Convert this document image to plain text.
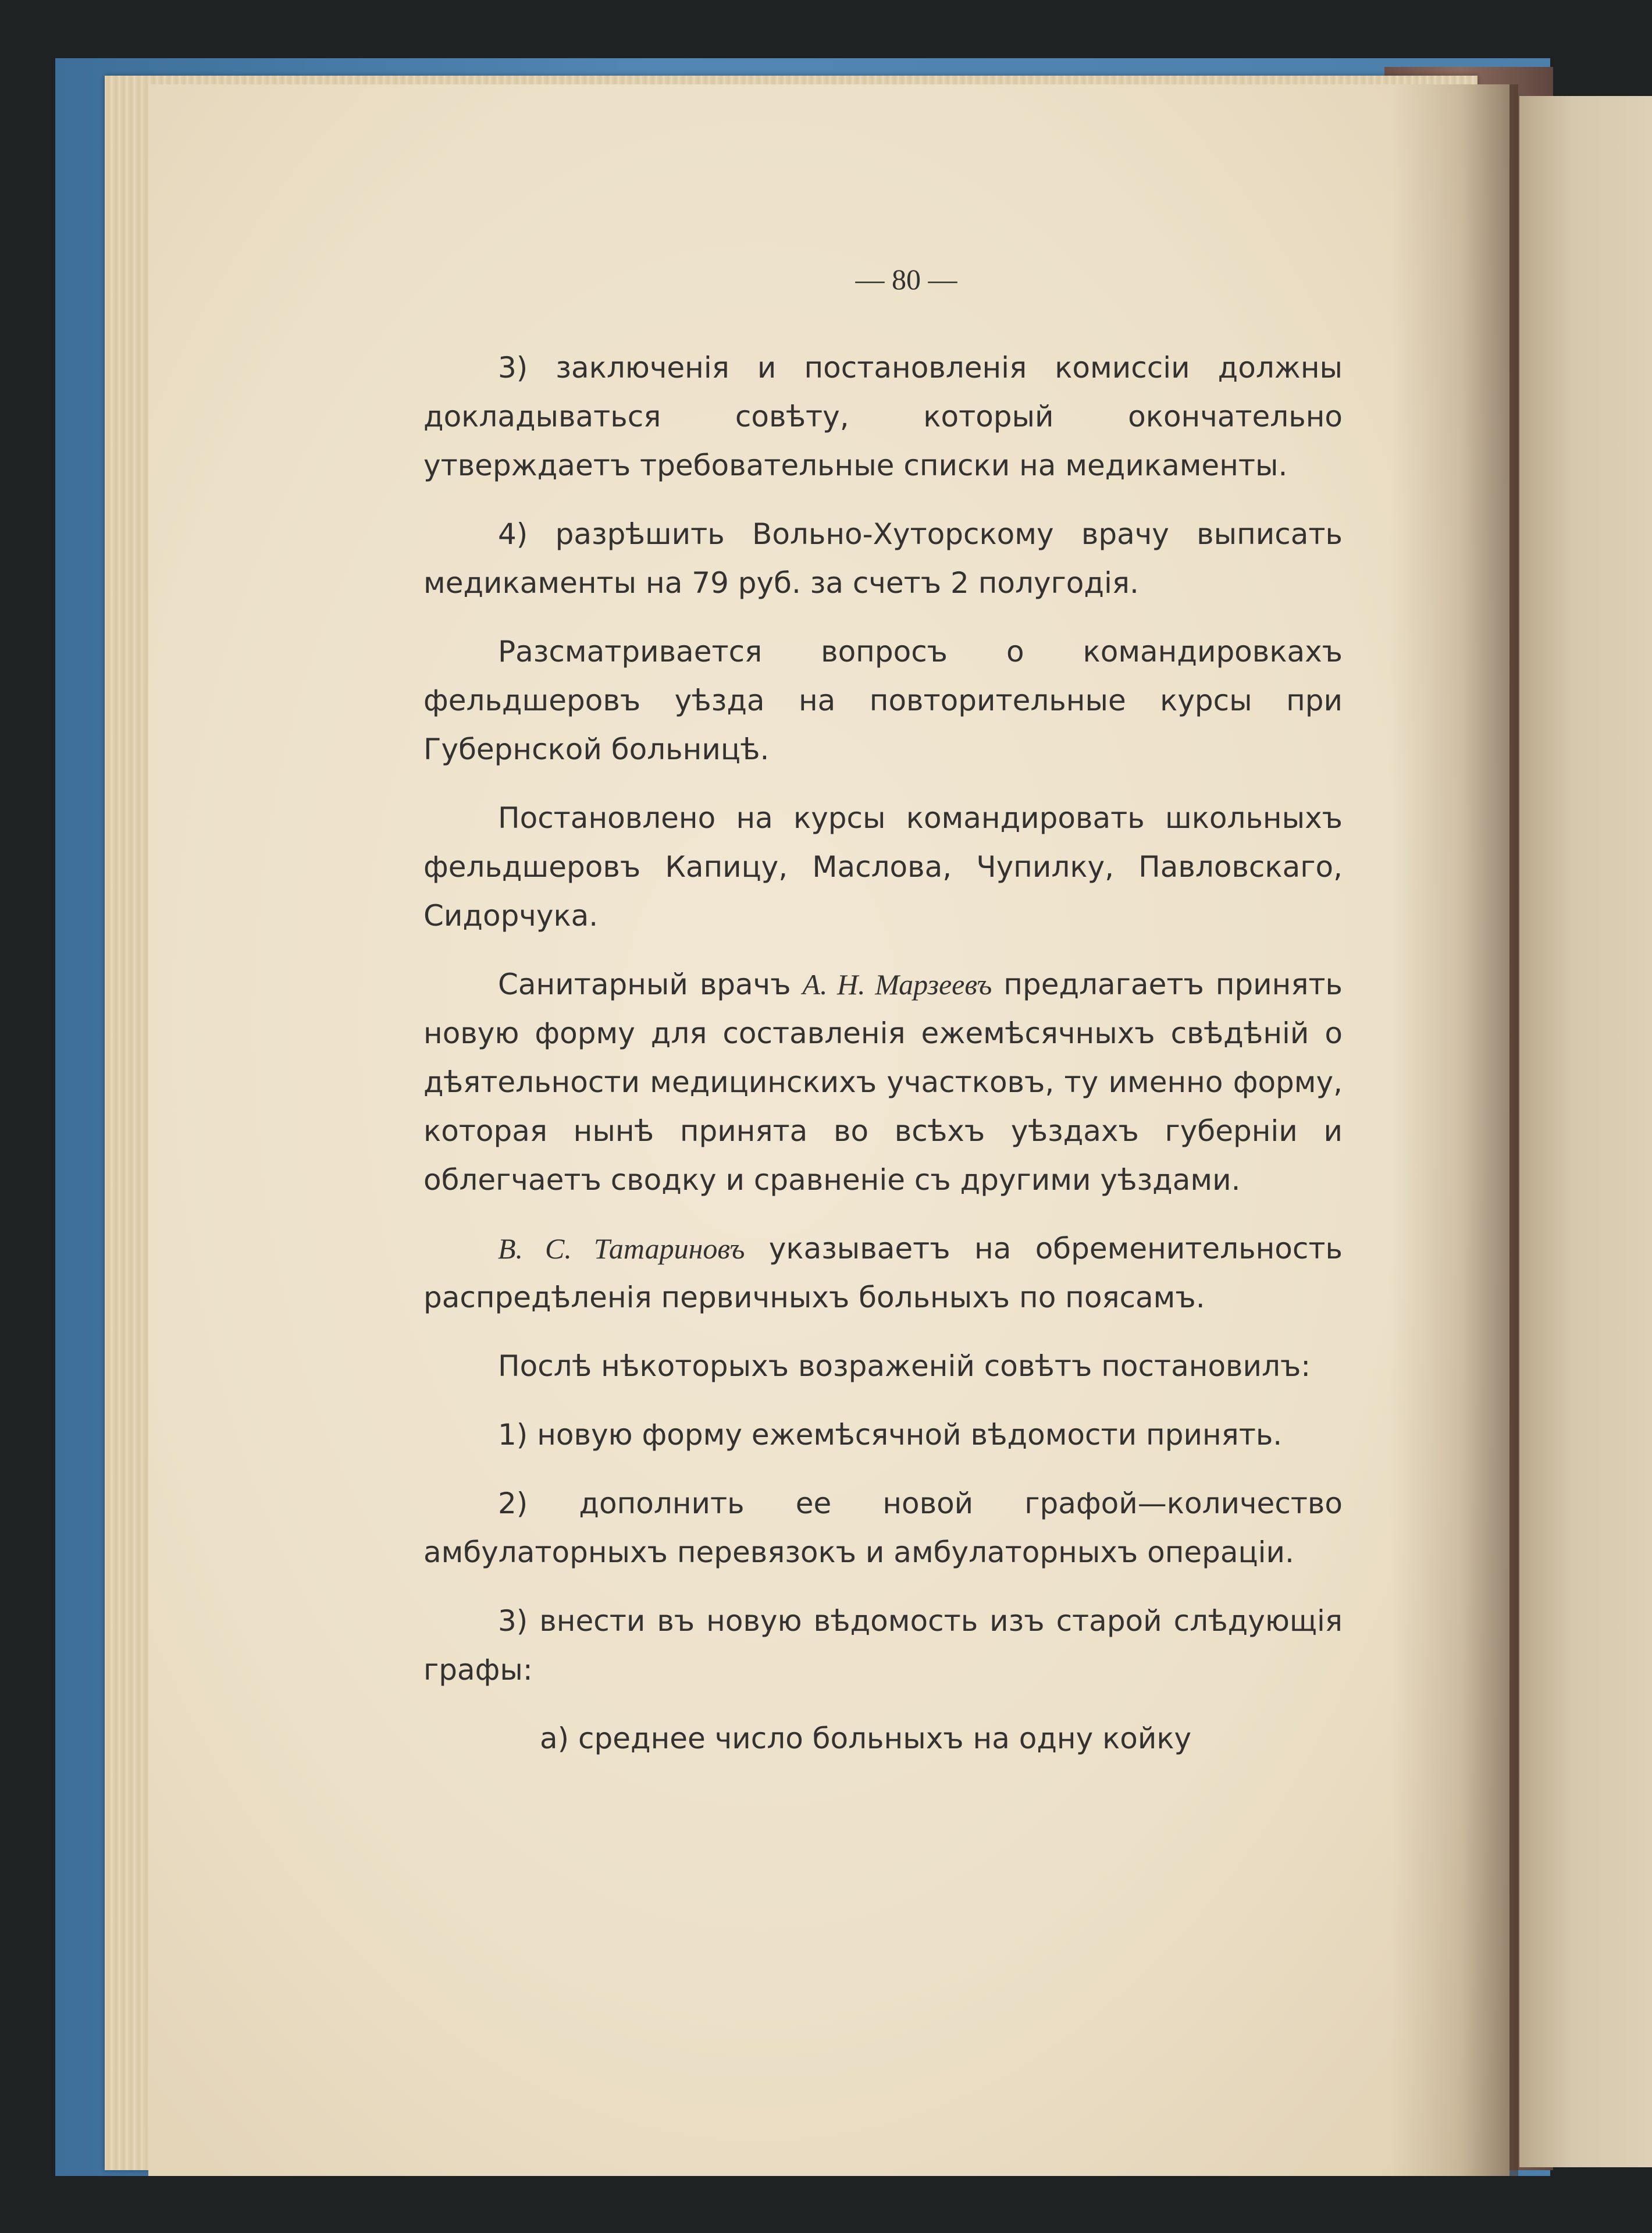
— 80 —

3) заключенія и постановленія комиссіи должны докладываться совѣту, который окончательно утверждаетъ требовательные списки на медикаменты.

4) разрѣшить Вольно-Хуторскому врачу выписать медикаменты на 79 руб. за счетъ 2 полугодія.

Разсматривается вопросъ о командировкахъ фельдшеровъ уѣзда на повторительные курсы при Губернской больницѣ.

Постановлено на курсы командировать школьныхъ фельдшеровъ Капицу, Маслова, Чупилку, Павловскаго, Сидорчука.

Санитарный врачъ А. Н. Марзеевъ предлагаетъ принять новую форму для составленія ежемѣсячныхъ свѣдѣній о дѣятельности медицинскихъ участковъ, ту именно форму, которая нынѣ принята во всѣхъ уѣздахъ губерніи и облегчаетъ сводку и сравненіе съ другими уѣздами.

В. С. Татариновъ указываетъ на обременительность распредѣленія первичныхъ больныхъ по поясамъ.

Послѣ нѣкоторыхъ возраженій совѣтъ постановилъ:

1) новую форму ежемѣсячной вѣдомости принять.

2) дополнить ее новой графой—количество амбулаторныхъ перевязокъ и амбулаторныхъ операціи.

3) внести въ новую вѣдомость изъ старой слѣдующія графы:

а) среднее число больныхъ на одну койку
